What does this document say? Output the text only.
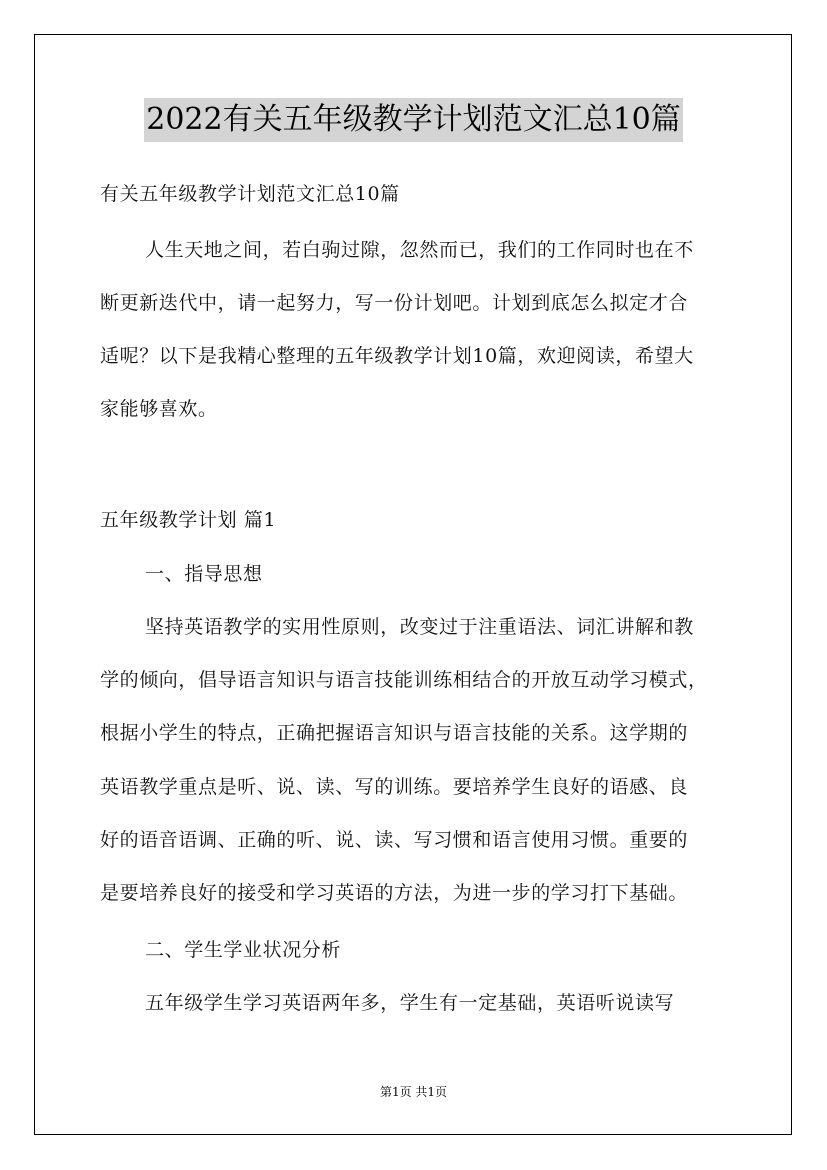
2022有关五年级教学计划范文汇总10篇
有关五年级教学计划范文汇总10篇
人生天地之间，若白驹过隙，忽然而已，我们的工作同时也在不
断更新迭代中，请一起努力，写一份计划吧。计划到底怎么拟定才合
适呢？以下是我精心整理的五年级教学计划10篇，欢迎阅读，希望大
家能够喜欢。
五年级教学计划 篇1
一、指导思想
坚持英语教学的实用性原则，改变过于注重语法、词汇讲解和教
学的倾向，倡导语言知识与语言技能训练相结合的开放互动学习模式，
根据小学生的特点，正确把握语言知识与语言技能的关系。这学期的
英语教学重点是听、说、读、写的训练。要培养学生良好的语感、良
好的语音语调、正确的听、说、读、写习惯和语言使用习惯。重要的
是要培养良好的接受和学习英语的方法，为进一步的学习打下基础。
二、学生学业状况分析
五年级学生学习英语两年多，学生有一定基础，英语听说读写
第1页 共1页
